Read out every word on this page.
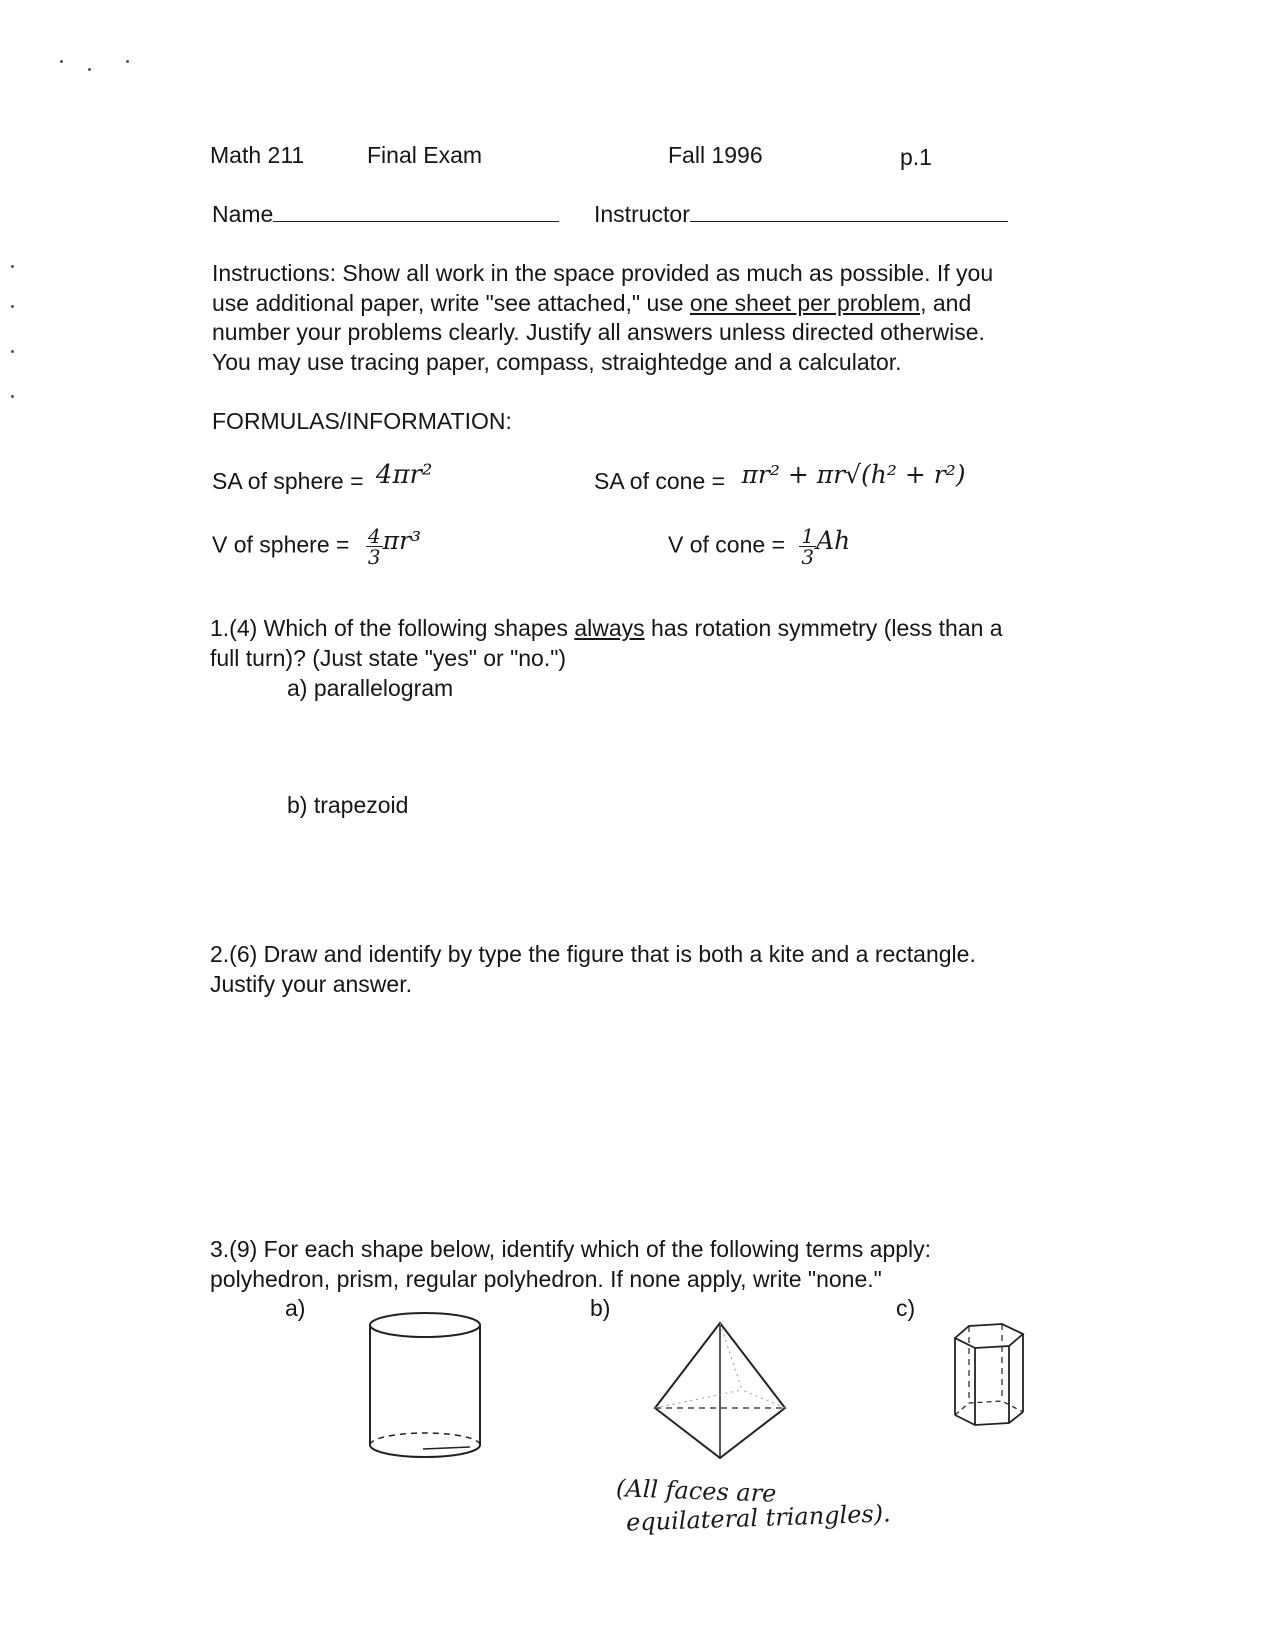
Math 211	Final Exam	Fall 1996	p.1
Name	Instructor
Instructions: Show all work in the space provided as much as possible. If you
use additional paper, write "see attached," use one sheet per problem, and
number your problems clearly. Justify all answers unless directed otherwise.
You may use tracing paper, compass, straightedge and a calculator.
FORMULAS/INFORMATION:
SA of sphere = 4πr²	SA of cone = πr² + πr√(h² + r²)
V of sphere = $\frac{4}{3} \pi r^3$	V of cone = $\frac{1}{3}$ Ah
1.(4) Which of the following shapes always has rotation symmetry (less than a
full turn)? (Just state "yes" or "no.")
a) parallelogram
b) trapezoid
2.(6) Draw and identify by type the figure that is both a kite and a rectangle.
Justify your answer.
3.(9) For each shape below, identify which of the following terms apply:
polyhedron, prism, regular polyhedron. If none apply, write "none."
a)	b)	c)
(All faces are
equilateral triangles).
